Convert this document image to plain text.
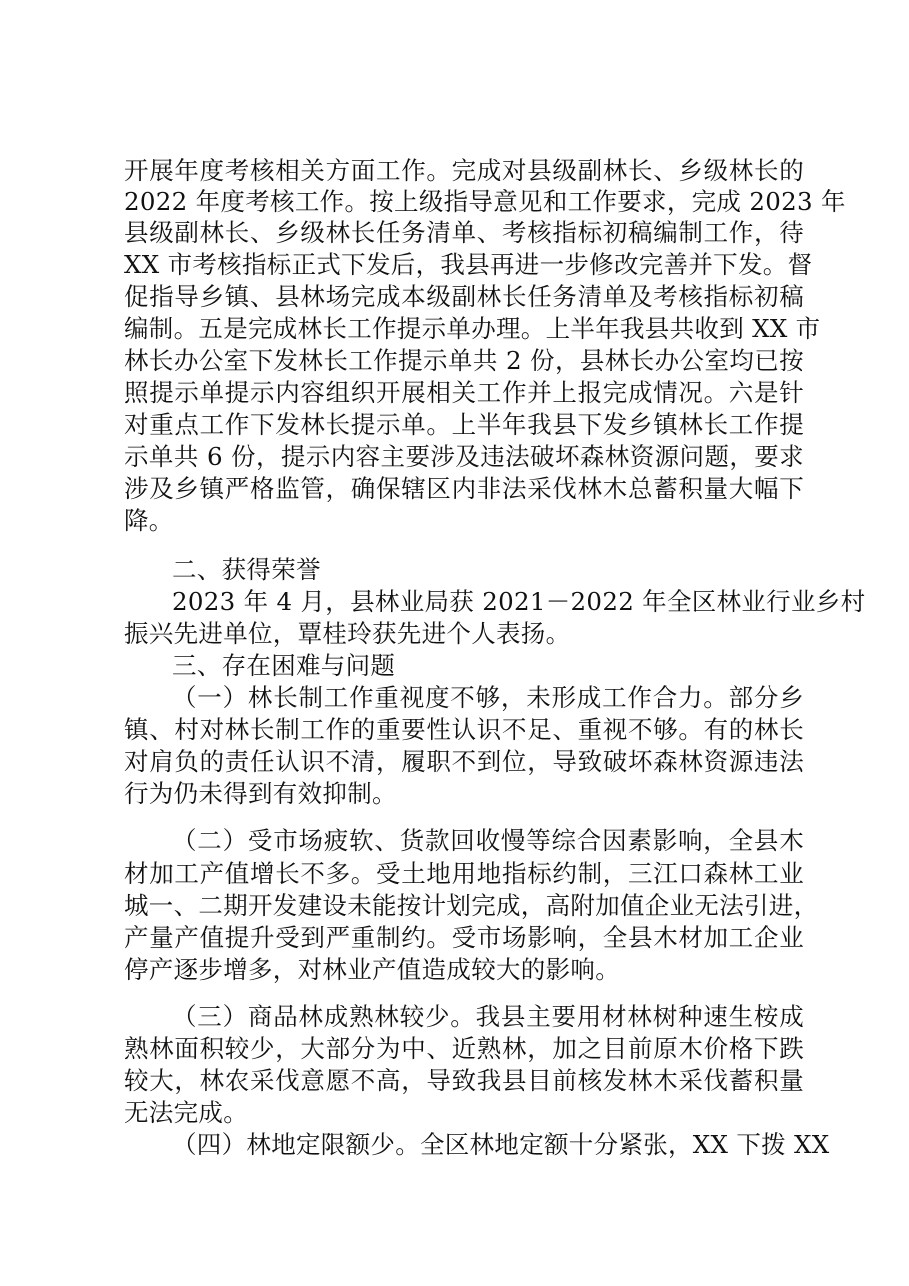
开展年度考核相关方面工作。完成对县级副林长、乡级林长的
2022 年度考核工作。按上级指导意见和工作要求，完成 2023 年
县级副林长、乡级林长任务清单、考核指标初稿编制工作，待
XX 市考核指标正式下发后，我县再进一步修改完善并下发。督
促指导乡镇、县林场完成本级副林长任务清单及考核指标初稿
编制。五是完成林长工作提示单办理。上半年我县共收到 XX 市
林长办公室下发林长工作提示单共 2 份，县林长办公室均已按
照提示单提示内容组织开展相关工作并上报完成情况。六是针
对重点工作下发林长提示单。上半年我县下发乡镇林长工作提
示单共 6 份，提示内容主要涉及违法破坏森林资源问题，要求
涉及乡镇严格监管，确保辖区内非法采伐林木总蓄积量大幅下
降。
二、获得荣誉
2023 年 4 月，县林业局获 2021－2022 年全区林业行业乡村
振兴先进单位，覃桂玲获先进个人表扬。
三、存在困难与问题
（一）林长制工作重视度不够，未形成工作合力。部分乡
镇、村对林长制工作的重要性认识不足、重视不够。有的林长
对肩负的责任认识不清，履职不到位，导致破坏森林资源违法
行为仍未得到有效抑制。
（二）受市场疲软、货款回收慢等综合因素影响，全县木
材加工产值增长不多。受土地用地指标约制，三江口森林工业
城一、二期开发建设未能按计划完成，高附加值企业无法引进，
产量产值提升受到严重制约。受市场影响，全县木材加工企业
停产逐步增多，对林业产值造成较大的影响。
（三）商品林成熟林较少。我县主要用材林树种速生桉成
熟林面积较少，大部分为中、近熟林，加之目前原木价格下跌
较大，林农采伐意愿不高，导致我县目前核发林木采伐蓄积量
无法完成。
（四）林地定限额少。全区林地定额十分紧张，XX 下拨 XX
